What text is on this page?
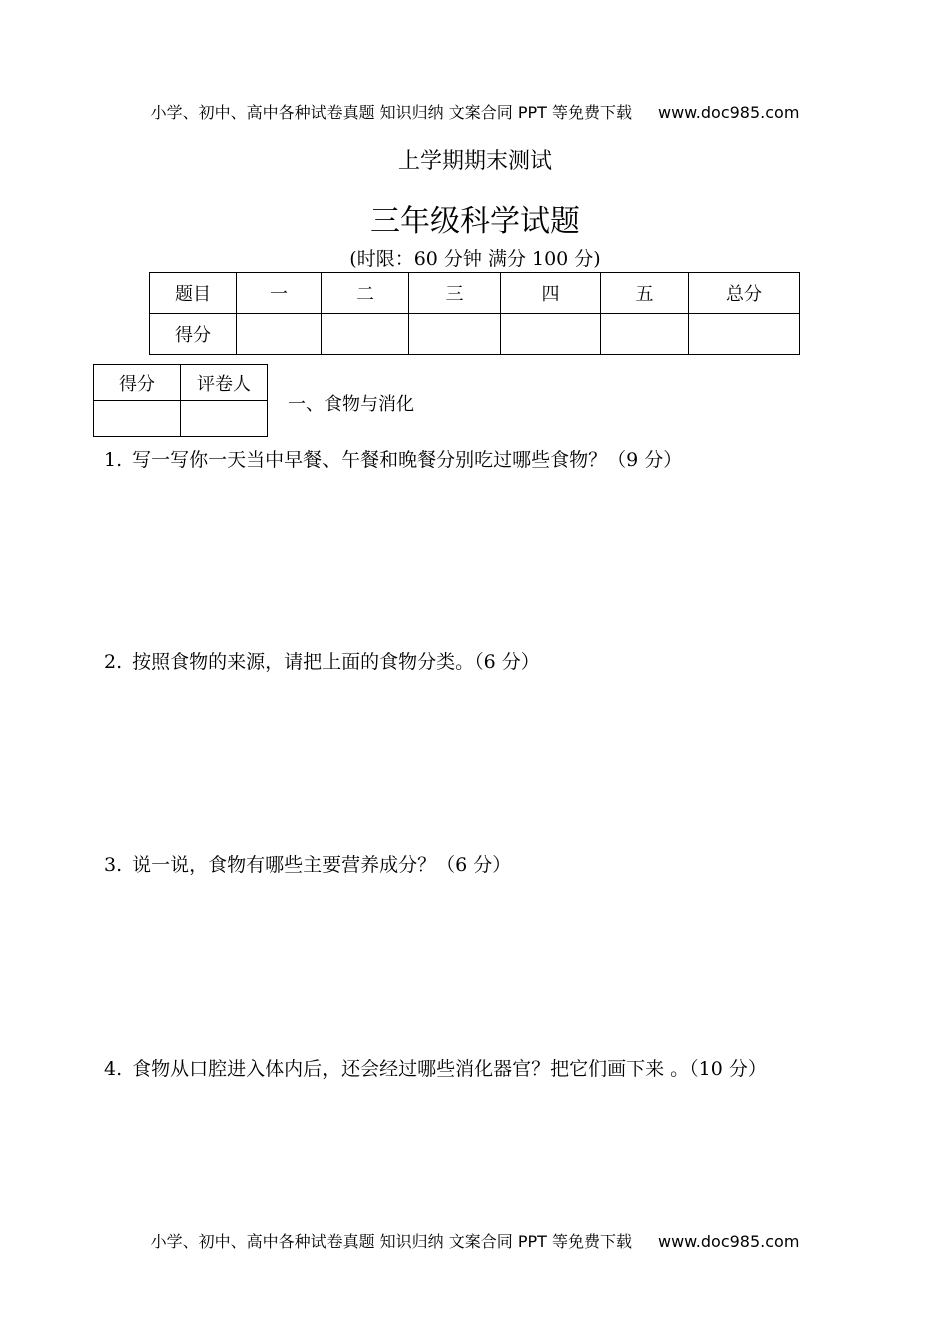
小学、初中、高中各种试卷真题 知识归纳 文案合同 PPT 等免费下载 www.doc985.com
上学期期末测试
三年级科学试题
(时限：60 分钟 满分 100 分)
题目	一	二	三	四	五	总分
得分						
得分	评卷人

一、食物与消化
1. 写一写你一天当中早餐、午餐和晚餐分别吃过哪些食物？（9 分）
2. 按照食物的来源，请把上面的食物分类。（6 分）
3. 说一说，食物有哪些主要营养成分？（6 分）
4. 食物从口腔进入体内后，还会经过哪些消化器官？把它们画下来 。（10 分）
小学、初中、高中各种试卷真题 知识归纳 文案合同 PPT 等免费下载 www.doc985.com
